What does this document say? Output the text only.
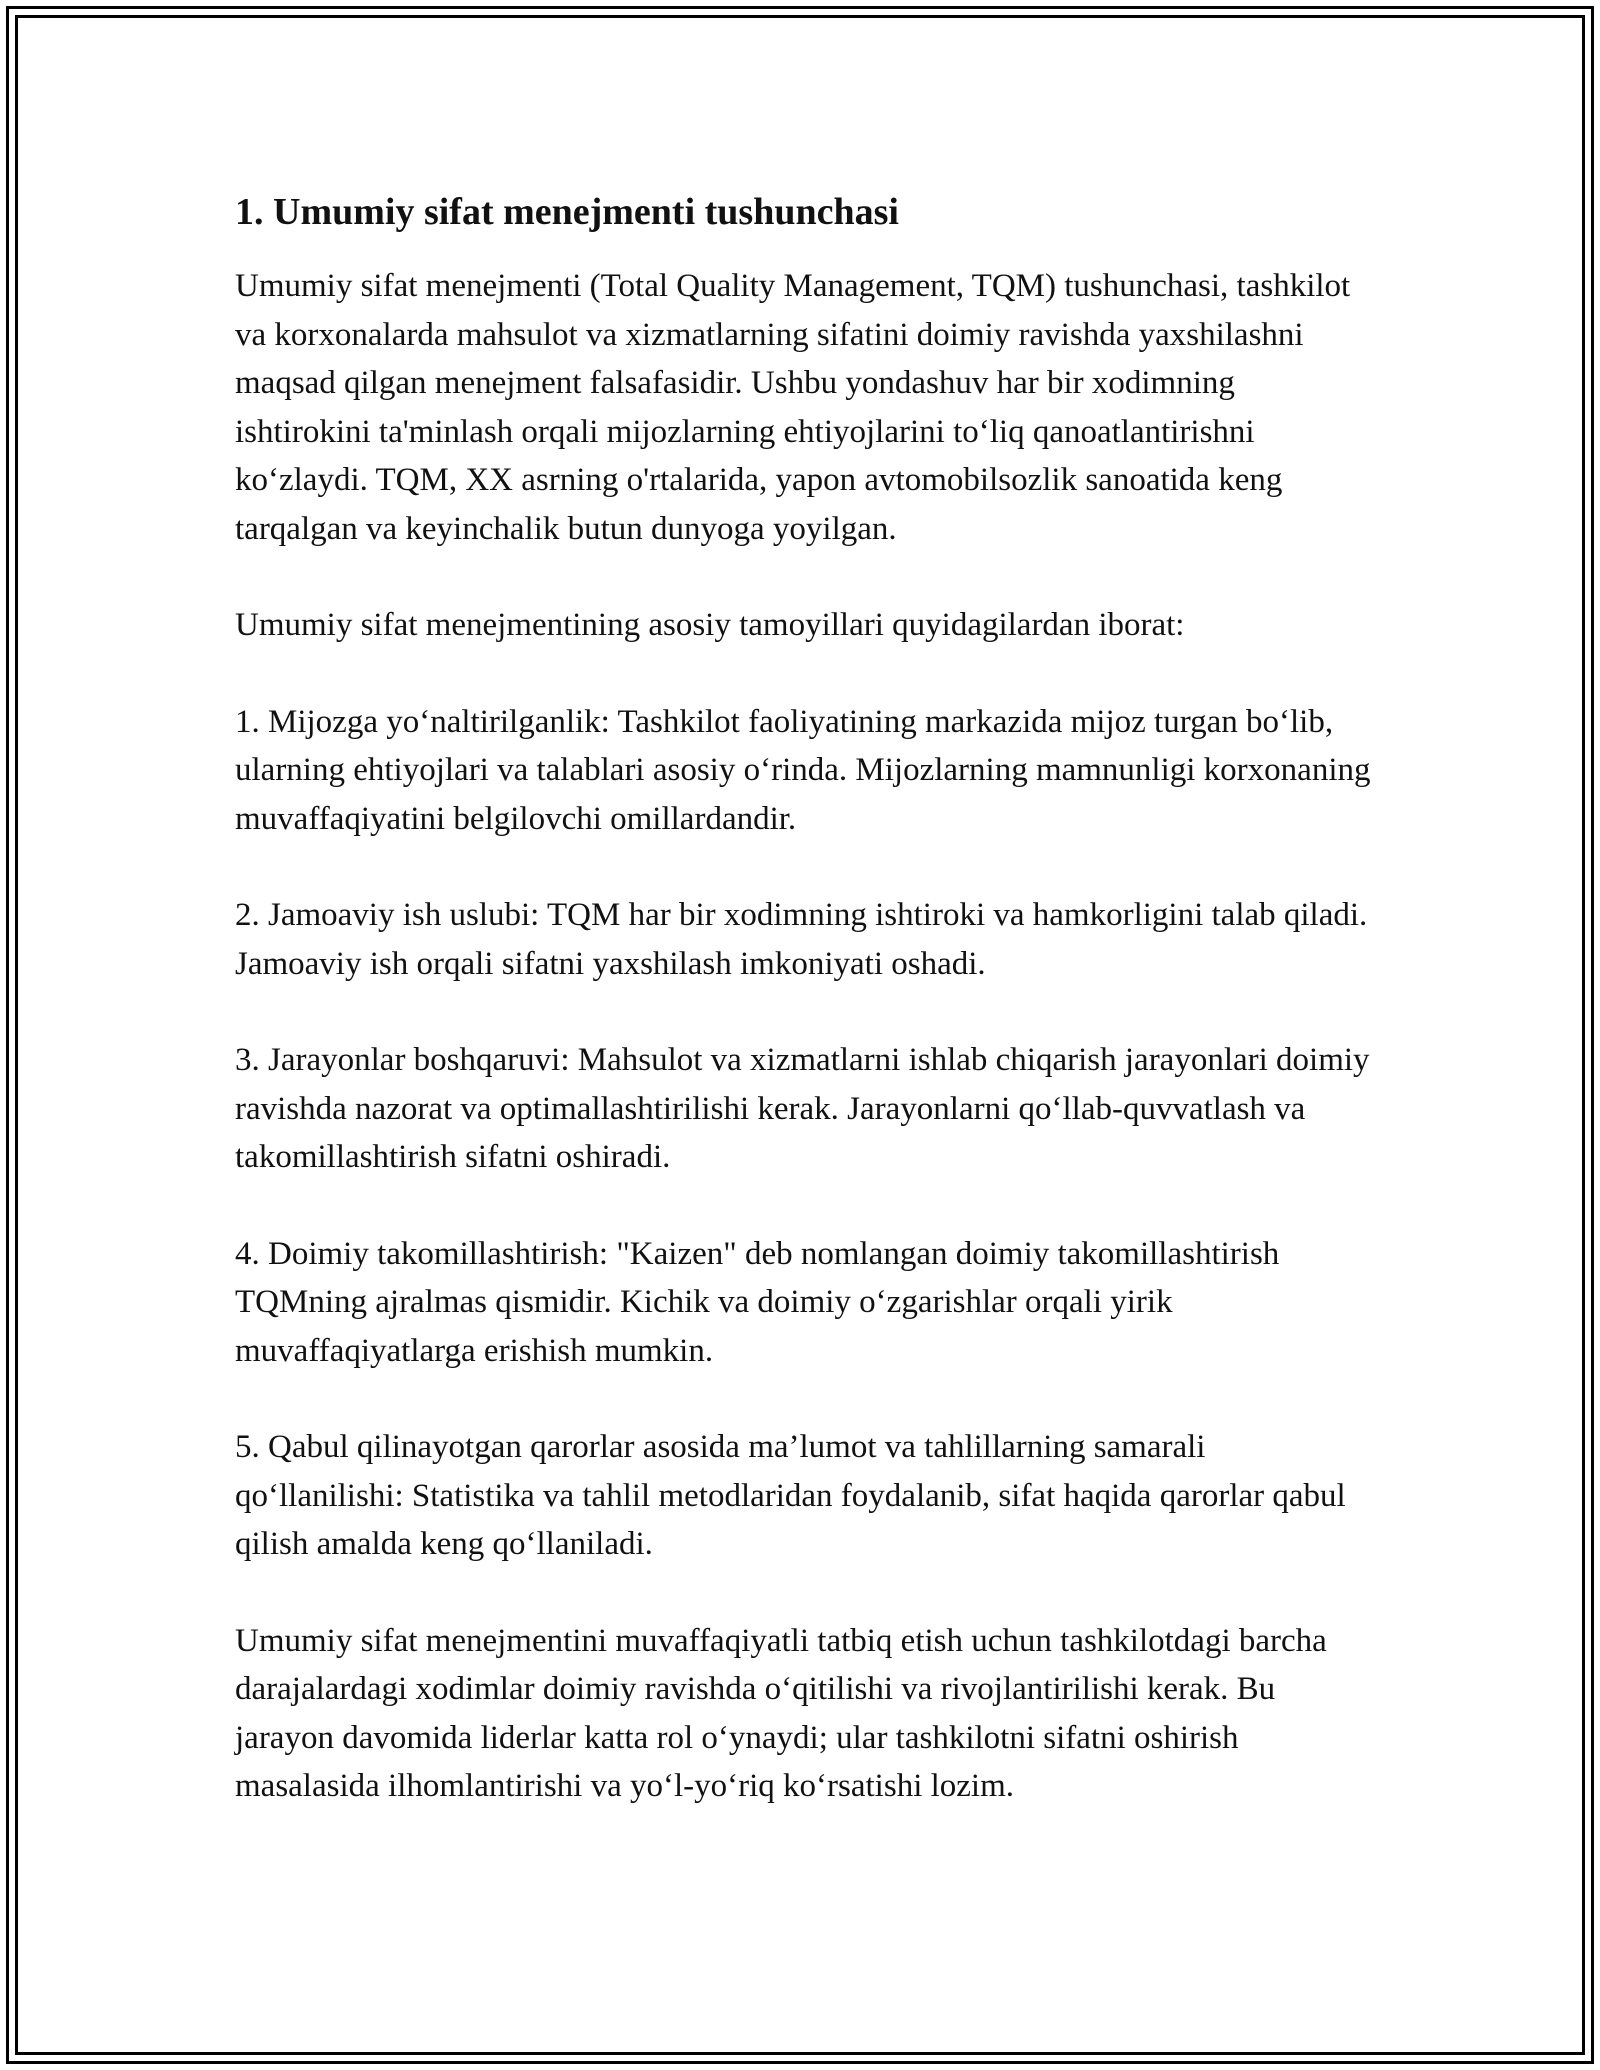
1. Umumiy sifat menejmenti tushunchasi

Umumiy sifat menejmenti (Total Quality Management, TQM) tushunchasi, tashkilot va korxonalarda mahsulot va xizmatlarning sifatini doimiy ravishda yaxshilashni maqsad qilgan menejment falsafasidir. Ushbu yondashuv har bir xodimning ishtirokini ta'minlash orqali mijozlarning ehtiyojlarini to‘liq qanoatlantirishni ko‘zlaydi. TQM, XX asrning o'rtalarida, yapon avtomobilsozlik sanoatida keng tarqalgan va keyinchalik butun dunyoga yoyilgan.

Umumiy sifat menejmentining asosiy tamoyillari quyidagilardan iborat:

1. Mijozga yo‘naltirilganlik: Tashkilot faoliyatining markazida mijoz turgan bo‘lib, ularning ehtiyojlari va talablari asosiy o‘rinda. Mijozlarning mamnunligi korxonaning muvaffaqiyatini belgilovchi omillardandir.

2. Jamoaviy ish uslubi: TQM har bir xodimning ishtiroki va hamkorligini talab qiladi. Jamoaviy ish orqali sifatni yaxshilash imkoniyati oshadi.

3. Jarayonlar boshqaruvi: Mahsulot va xizmatlarni ishlab chiqarish jarayonlari doimiy ravishda nazorat va optimallashtirilishi kerak. Jarayonlarni qo‘llab-quvvatlash va takomillashtirish sifatni oshiradi.

4. Doimiy takomillashtirish: "Kaizen" deb nomlangan doimiy takomillashtirish TQMning ajralmas qismidir. Kichik va doimiy o‘zgarishlar orqali yirik muvaffaqiyatlarga erishish mumkin.

5. Qabul qilinayotgan qarorlar asosida ma’lumot va tahlillarning samarali qo‘llanilishi: Statistika va tahlil metodlaridan foydalanib, sifat haqida qarorlar qabul qilish amalda keng qo‘llaniladi.

Umumiy sifat menejmentini muvaffaqiyatli tatbiq etish uchun tashkilotdagi barcha darajalardagi xodimlar doimiy ravishda o‘qitilishi va rivojlantirilishi kerak. Bu jarayon davomida liderlar katta rol o‘ynaydi; ular tashkilotni sifatni oshirish masalasida ilhomlantirishi va yo‘l-yo‘riq ko‘rsatishi lozim.
